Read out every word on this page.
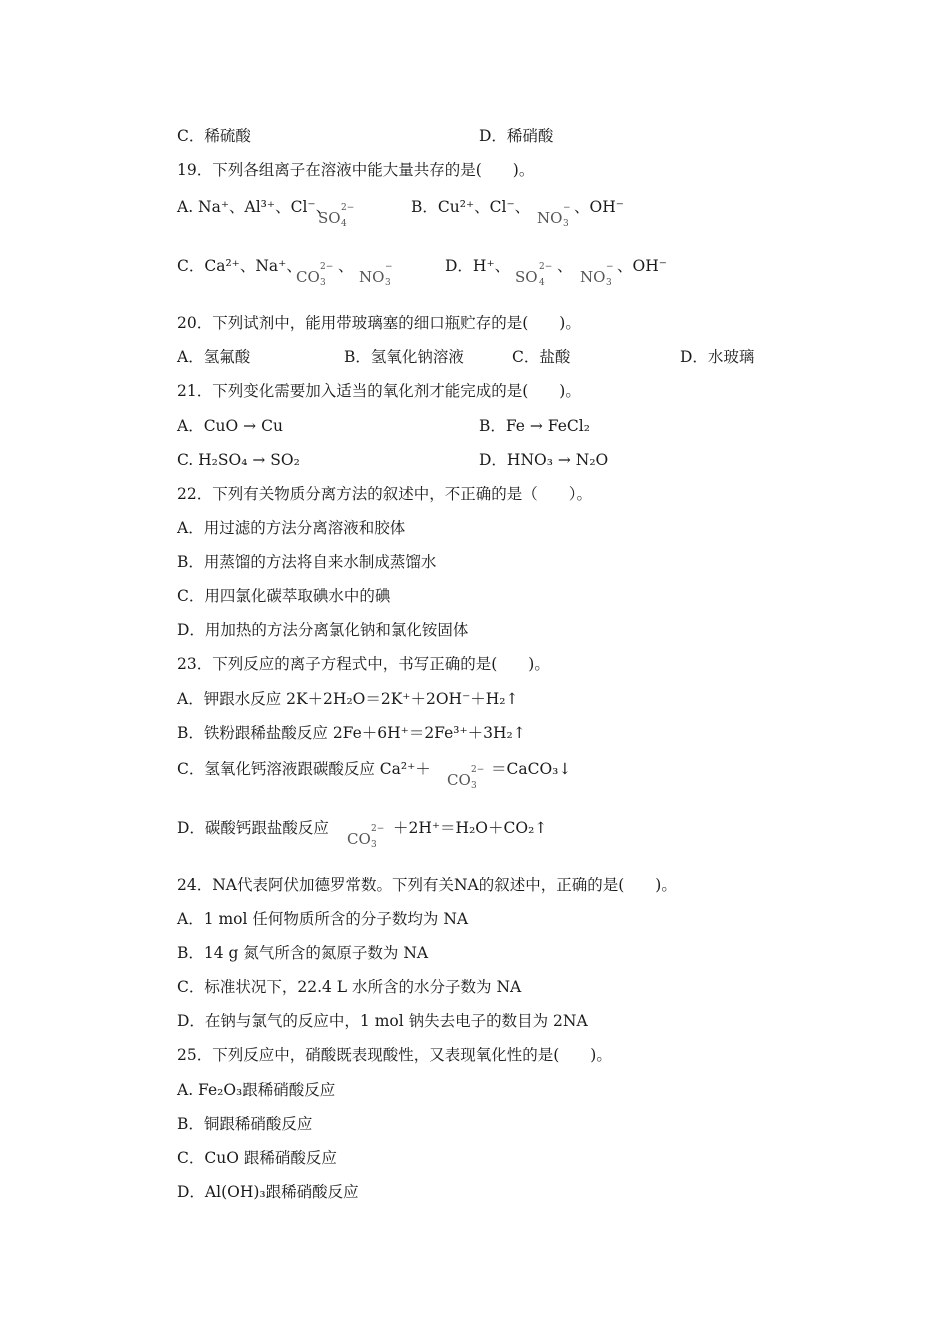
C．稀硫酸	D．稀硝酸
19．下列各组离子在溶液中能大量共存的是(　　)。
A. Na⁺、Al³⁺、Cl⁻、
SO 4
2−	B．Cu²⁺、Cl⁻、
NO 3
− 、OH⁻
C．Ca²⁺、Na⁺、
CO 3
2− 、
NO 3
−	D．H⁺、
SO 4
2− 、
NO 3
− 、OH⁻
20．下列试剂中，能用带玻璃塞的细口瓶贮存的是(　　)。
A．氢氟酸	B．氢氧化钠溶液	C．盐酸	D．水玻璃
21．下列变化需要加入适当的氧化剂才能完成的是(　　)。
A．CuO → Cu	B．Fe → FeCl₂
C. H₂SO₄ → SO₂	D．HNO₃ → N₂O
22．下列有关物质分离方法的叙述中，不正确的是（　　）。
A．用过滤的方法分离溶液和胶体
B．用蒸馏的方法将自来水制成蒸馏水
C．用四氯化碳萃取碘水中的碘
D．用加热的方法分离氯化钠和氯化铵固体
23．下列反应的离子方程式中，书写正确的是(　　)。
A．钾跟水反应 2K＋2H₂O＝2K⁺＋2OH⁻＋H₂↑
B．铁粉跟稀盐酸反应 2Fe＋6H⁺＝2Fe³⁺＋3H₂↑
C．氢氧化钙溶液跟碳酸反应 Ca²⁺＋
CO 3
2− ＝CaCO₃↓
D．碳酸钙跟盐酸反应
CO 3
2− ＋2H⁺＝H₂O＋CO₂↑
24．NA代表阿伏加德罗常数。下列有关NA的叙述中，正确的是(　　)。
A．1 mol 任何物质所含的分子数均为 NA
B．14 g 氮气所含的氮原子数为 NA
C．标准状况下，22.4 L 水所含的水分子数为 NA
D．在钠与氯气的反应中，1 mol 钠失去电子的数目为 2NA
25．下列反应中，硝酸既表现酸性，又表现氧化性的是(　　)。
A. Fe₂O₃跟稀硝酸反应
B．铜跟稀硝酸反应
C．CuO 跟稀硝酸反应
D．Al(OH)₃跟稀硝酸反应
